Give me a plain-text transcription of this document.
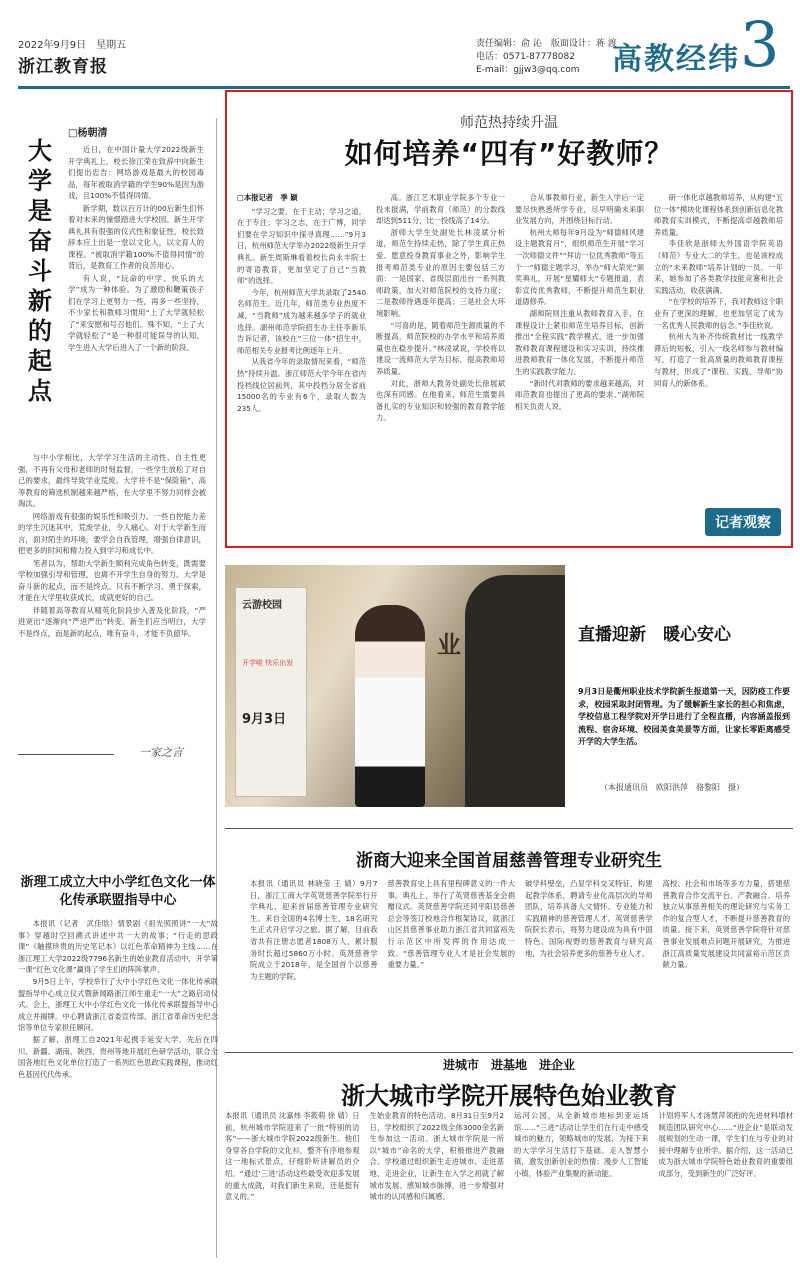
2022年9月9日　星期五
浙江教育报
责任编辑：俞 沁　版面设计：蒋 渡
电话：0571-87778082
E-mail：gjjw3@qq.com	高教经纬 3
大学是奋斗新的起点
□杨朝清

近日，在中国计量大学2022级新生开学典礼上，校长徐江荣在致辞中向新生们提出忠告：网络游戏是最大的校园毒品，每年被取消学籍的学生90%是因为游戏，且100%不值得同情。

新学期，数以百万计的00后新生们怀着对未来的憧憬踏进大学校园。新生开学典礼具有很强的仪式性和象征性，校长致辞本应上出是一堂以文化人，以文育人的课程。“被取消学籍100%不值得同情”的背后，是教育工作者的良苦用心。

有人说，“玩命的中学、快乐的大学”成为一种体验。为了激励和鞭策孩子们在学习上更努力一些，再多一些坚持，不少家长和教师习惯用“上了大学就轻松了”来安慰和号召他们。殊不知，“上了大学就轻松了”是一种很可能误导的认知，学生进入大学后进入了一个新的阶段。

与中小学相比，大学学习生活的主动性、自主性更强，不再有父母和老师的时刻监督，一些学生放松了对自己的要求，最终导致学业荒废。大学并不是“保险箱”，高等教育的筛选机制越来越严格，在大学里不努力同样会被淘汰。

网络游戏有很强的娱乐性和吸引力。一些自控能力差的学生沉迷其中，荒废学业，令人痛心。对于大学新生而言，面对陌生的环境，要学会自我管理，增强自律意识，把更多的时间和精力投入到学习和成长中。

笔者以为，帮助大学新生顺利完成角色转变，既需要学校加强引导和管理，也离不开学生自身的努力。大学是奋斗新的起点，而不是终点。只有不断学习、勇于探索，才能在大学里收获成长，成就更好的自己。

伴随着高等教育从精英化阶段步入普及化阶段，“严进宽出”逐渐向“严进严出”转变。新生们应当明白，大学不是终点，而是新的起点，唯有奋斗，才能不负韶华。

一家之言
师范热持续升温
如何培养“四有”好教师？

□本报记者　季 颖

“学习之要，在于主动；学习之道，在于专注；学习之志，在于广博，同学们要在学习知识中探寻真理……”9月3日，杭州师范大学举办2022级新生开学典礼。新生周斯琳看着校长尚永丰院士的寄语教育，更加坚定了自己“当教师”的选择。

今年，杭州师范大学共录取了2540名师范生。近几年，师范类专业热度不减，“当教师”成为越来越多学子的就业选择。湖州师范学院招生办主任李新乐告诉记者，该校在“三位一体”招生中，师范相关专业报考比例逐年上升。

从我省今年的录取情况来看，“师范热”持续升温。浙江师范大学今年在省内投档线位居前列，其中投档分居全省前15000名的专业有6个，录取人数为235人。

高。浙江艺术职业学院多个专业一投未报满，学前教育（师范）的分数线却达到511分，比一投线高了14分。

浙师大学生处副处长林凌斌分析道，师范生持续走热，除了学生真正热爱、愿意投身教育事业之外，影响学生报考师范类专业的原因主要包括三方面：一是国家、省级层面出台一系列教师政策，加大对师范院校的支持力度；二是教师待遇逐年提高；三是社会大环境影响。

“可喜的是，随着师范生源质量的不断提高，师范院校的办学水平和培养质量也在稳步提升。”林凌斌说，学校将以建设一流师范大学为目标，提高教师培养质量。

对此，浙师大教务处副处长徐展斌也深有同感。在他看来，师范生需要具备扎实的专业知识和较强的教育教学能力。

合从事教师行业，新生入学后一定要尽快熟悉所学专业，尽早明确未来职业发展方向，并围绕目标行动。

杭州大师每年9月设为“师德师风建设主题教育月”，组织师范生开展“学习一次师德文件”“拜访一位优秀教师”等五个一“师德主题学习，举办“师大荣光”颁奖典礼，开展“星耀师大”专题报道，表彰宣传优秀教师，不断提升师范生职业道德修养。

湖师院则注重从教师教育入手，在课程设计上紧扣师范生培养目标，创新推出“全程实践”教学模式，进一步加强教师教育课程建设和实习实训，持续推进教师教育一体化发展，不断提升师范生的实践教学能力。

“新时代对教师的要求越来越高，对师范教育也提出了更高的要求。”湖师院相关负责人说。

研一体化卓越教师培养，从构建“五位一体”模块化课程体系到创新信息化教师教育实训模式，不断提高卓越教师培养质量。

李佳欣是浙师大外国语学院英语（师范）专业大二的学生，也是该校成立的“未来教师”培养计划的一员。一年来，她参加了各类教学技能竞赛和社会实践活动，收获满满。

“在学校的培养下，我对教师这个职业有了更深的理解，也更加坚定了成为一名优秀人民教师的信念。”李佳欣说。

杭州大为补齐传统教材比一线教学滞后的短板，引入一线名师参与教材编写，打造了一批高质量的教师教育课程与教材，形成了“课程、实践、导师”协同育人的新体系。

记者观察
业
云游校园
开学啦 快乐出发
9月3日
直播迎新　暖心安心
9月3日是衢州职业技术学院新生报道第一天，因防疫工作要求，校园采取封闭管理。为了缓解新生家长的担心和焦虑，学校信息工程学院对开学日进行了全程直播，内容涵盖报到流程、宿舍环境、校园美食美景等方面，让家长零距离感受开学的大学生活。
（本报通讯员　欧阳洪萍　骆黎阳　摄）
浙商大迎来全国首届慈善管理专业研究生
本报讯（通讯员 林晓莹 王 婧）9月7日，浙江工商大学英贤慈善学院举行开学典礼，迎来首届慈善管理专业研究生。来自全国的4名博士生、18名研究生正式开启学习之旅。据了解，目前我省共有注册志愿者1808万人，累计服务时长超过5860万小时。英贤慈善学院成立于2018年，是全国首个以慈善为主题的学院。
慈善教育史上具有里程碑意义的一件大事。典礼上，举行了英贤慈善基金会捐赠仪式。英贤慈善学院还同平阳县慈善总会等签订校地合作框架协议，就浙江山区县慈善事业助力浙江省共同富裕先行示范区中所发挥的作用达成一致。“慈善管理专业人才是社会发展的重要力量。”
破学科壁垒，凸显学科交叉特征，构建起教学体系，聘请专业化高层次的导师团队，培养具备人文情怀、专业能力和实践精神的慈善管理人才。英贤慈善学院院长表示，将努力建设成为具有中国特色、国际视野的慈善教育与研究高地，为社会培养更多的慈善专业人才。
高校、社会和市场等多方力量，搭建慈善教育合作交流平台、产教融合、培养独立从事慈善相关的理论研究与实务工作的复合型人才，不断提升慈善教育的质量。接下来，英贤慈善学院将针对慈善事业发展难点问题开展研究，为推进浙江高质量发展建设共同富裕示范区贡献力量。
浙理工成立大中小学红色文化一体化传承联盟指导中心

本报讯（记者　武佳晗）情景剧《祖光照照讲“一大”故事》穿越时空回溯式讲述中共一大的故事；“行走的思政课”《触摸珍贵的历史笔记本》以红色革命精神为主线……在浙江理工大学2022级7796名新生的始业教育活动中，开学第一课“红色文化课”赢得了学生们的阵阵掌声。

9月5日上午，学校举行了大中小学红色文化一体化传承联盟指导中心成立仪式暨新闻路浙江师生重走“一大”之路启动仪式。会上，浙理工大中小学红色文化一体化传承联盟指导中心成立并揭牌。中心聘请浙江省委宣传部、浙江省革命历史纪念馆等单位专家担任顾问。

据了解，浙理工自2021年起携手延安大学、先后在四川、新疆、湖南、陕西、贵州等地开展红色研学活动，联合全国各地红色文化单位打造了一系列红色思政实践课程，推动红色基因代代传承。

进城市　进基地　进企业
浙大城市学院开展特色始业教育
本报讯（通讯员 沈嘉炜 李筱萌 徐 婧）日前，杭州城市学院迎来了一批“特别的访客”——浙大城市学院2022级新生。他们身穿各自学院的文化衫，整齐有序地参观这一地标式景点，仔细聆听讲解员的介绍。“通过‘三进’活动这些最受欢迎多发展的重大成就，对我们新生来说，还是挺有意义的。”
生始业教育的特色活动。8月31日至9月2日，学校组织了2022级全体3000余名新生参加这一活动。浙大城市学院是一所以“城市”命名的大学，积极推进产教融合。学校通过组织新生走进城市、走进基地、走进企业，让新生在入学之初就了解城市发展、感知城市脉搏，进一步增强对城市的认同感和归属感。
运河公园，从全新城市地标到亚运场馆……“三进”活动让学生们在行走中感受城市的魅力，领略城市的发展，为接下来的大学学习生活打下基础。走入智慧小镇，激发创新创业的热情；漫步人工智能小镇，体验产业集聚的新动能。
计划将军人才汤慧萍领衔的先进材料增材制造团队研究中心……“进企业”是联动发展规划的生动一课，学生们在与专业的对接中理解专业所学。据介绍，这一活动已成为浙大城市学院特色始业教育的重要组成部分，受到新生的广泛好评。
